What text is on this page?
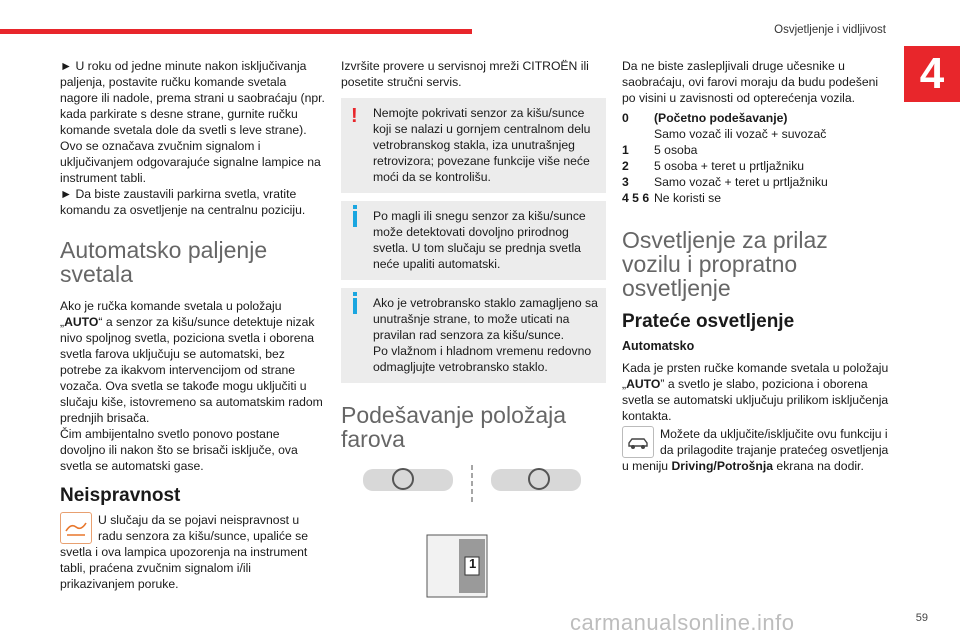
Osvjetljenje i vidljivost
4

► U roku od jedne minute nakon isključivanja paljenja, postavite ručku komande svetala nagore ili nadole, prema strani u saobraćaju (npr. kada parkirate s desne strane, gurnite ručku komande svetala dole da svetli s leve strane).

Ovo se označava zvučnim signalom i uključivanjem odgovarajuće signalne lampice na instrument tabli.

► Da biste zaustavili parkirna svetla, vratite komandu za osvetljenje na centralnu poziciju.

Automatsko paljenje svetala

Ako je ručka komande svetala u položaju „AUTO“ a senzor za kišu/sunce detektuje nizak nivo spoljnog svetla, poziciona svetla i oborena svetla farova uključuju se automatski, bez potrebe za ikakvom intervencijom od strane vozača. Ova svetla se takođe mogu uključiti u slučaju kiše, istovremeno sa automatskim radom prednjih brisača.

Čim ambijentalno svetlo ponovo postane dovoljno ili nakon što se brisači isključe, ova svetla se automatski gase.

Neispravnost

U slučaju da se pojavi neispravnost u radu senzora za kišu/sunce, upaliće se svetla i ova lampica upozorenja na instrument tabli, praćena zvučnim signalom i/ili prikazivanjem poruke.

Izvršite provere u servisnoj mreži CITROËN ili posetite stručni servis.

!	Nemojte pokrivati senzor za kišu/sunce koji se nalazi u gornjem centralnom delu vetrobranskog stakla, iza unutrašnjeg retrovizora; povezane funkcije više neće moći da se kontrolišu.

Po magli ili snegu senzor za kišu/sunce može detektovati dovoljno prirodnog svetla. U tom slučaju se prednja svetla neće upaliti automatski.

Ako je vetrobransko staklo zamagljeno sa unutrašnje strane, to može uticati na pravilan rad senzora za kišu/sunce.

Po vlažnom i hladnom vremenu redovno odmagljujte vetrobransko staklo.

Podešavanje položaja farova
1

Da ne biste zaslepljivali druge učesnike u saobraćaju, ovi farovi moraju da budu podešeni po visini u zavisnosti od opterećenja vozila.

0	(Početno podešavanje)
Samo vozač ili vozač + suvozač
1	5 osoba
2	5 osoba + teret u prtljažniku
3	Samo vozač + teret u prtljažniku
4 5 6 Ne koristi se
Osvetljenje za prilaz vozilu i propratno osvetljenje
Prateće osvetljenje
Automatsko

Kada je prsten ručke komande svetala u položaju „AUTO” a svetlo je slabo, poziciona i oborena svetla se automatski uključuju prilikom isključenja kontakta.

Možete da uključite/isključite ovu funkciju i da prilagodite trajanje pratećeg osvetljenja u meniju Driving/Potrošnja ekrana na dodir.

carmanualsonline.info	59
